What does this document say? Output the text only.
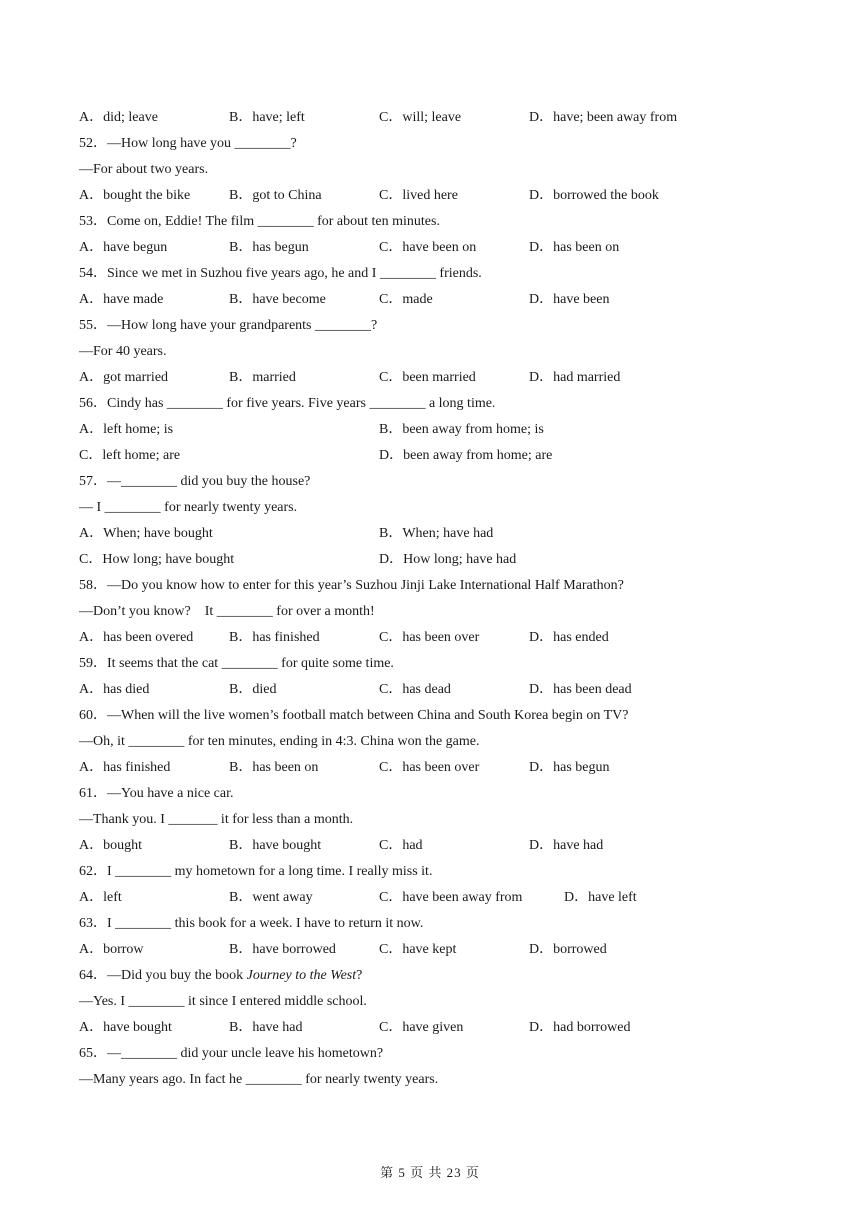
A．did; leave	B．have; left	C．will; leave	D．have; been away from
52．—How long have you ________?
—For about two years.
A．bought the bike	B．got to China	C．lived here	D．borrowed the book
53．Come on, Eddie! The film ________ for about ten minutes.
A．have begun	B．has begun	C．have been on	D．has been on
54．Since we met in Suzhou five years ago, he and I ________ friends.
A．have made	B．have become	C．made	D．have been
55．—How long have your grandparents ________?
—For 40 years.
A．got married	B．married	C．been married	D．had married
56．Cindy has ________ for five years. Five years ________ a long time.
A．left home; is	B．been away from home; is
C．left home; are	D．been away from home; are
57．—________ did you buy the house?
— I ________ for nearly twenty years.
A．When; have bought	B．When; have had
C．How long; have bought	D．How long; have had
58．—Do you know how to enter for this year’s Suzhou Jinji Lake International Half Marathon?
—Don’t you know?    It ________ for over a month!
A．has been overed	B．has finished	C．has been over	D．has ended
59．It seems that the cat ________ for quite some time.
A．has died	B．died	C．has dead	D．has been dead
60．—When will the live women’s football match between China and South Korea begin on TV?
—Oh, it ________ for ten minutes, ending in 4:3. China won the game.
A．has finished	B．has been on	C．has been over	D．has begun
61．—You have a nice car.
—Thank you. I _______ it for less than a month.
A．bought	B．have bought	C．had	D．have had
62．I ________ my hometown for a long time. I really miss it.
A．left	B．went away	C．have been away from	D．have left
63．I ________ this book for a week. I have to return it now.
A．borrow	B．have borrowed	C．have kept	D．borrowed
64．—Did you buy the book Journey to the West?
—Yes. I ________ it since I entered middle school.
A．have bought	B．have had	C．have given	D．had borrowed
65．—________ did your uncle leave his hometown?
—Many years ago. In fact he ________ for nearly twenty years.
第 5 页 共 23 页
